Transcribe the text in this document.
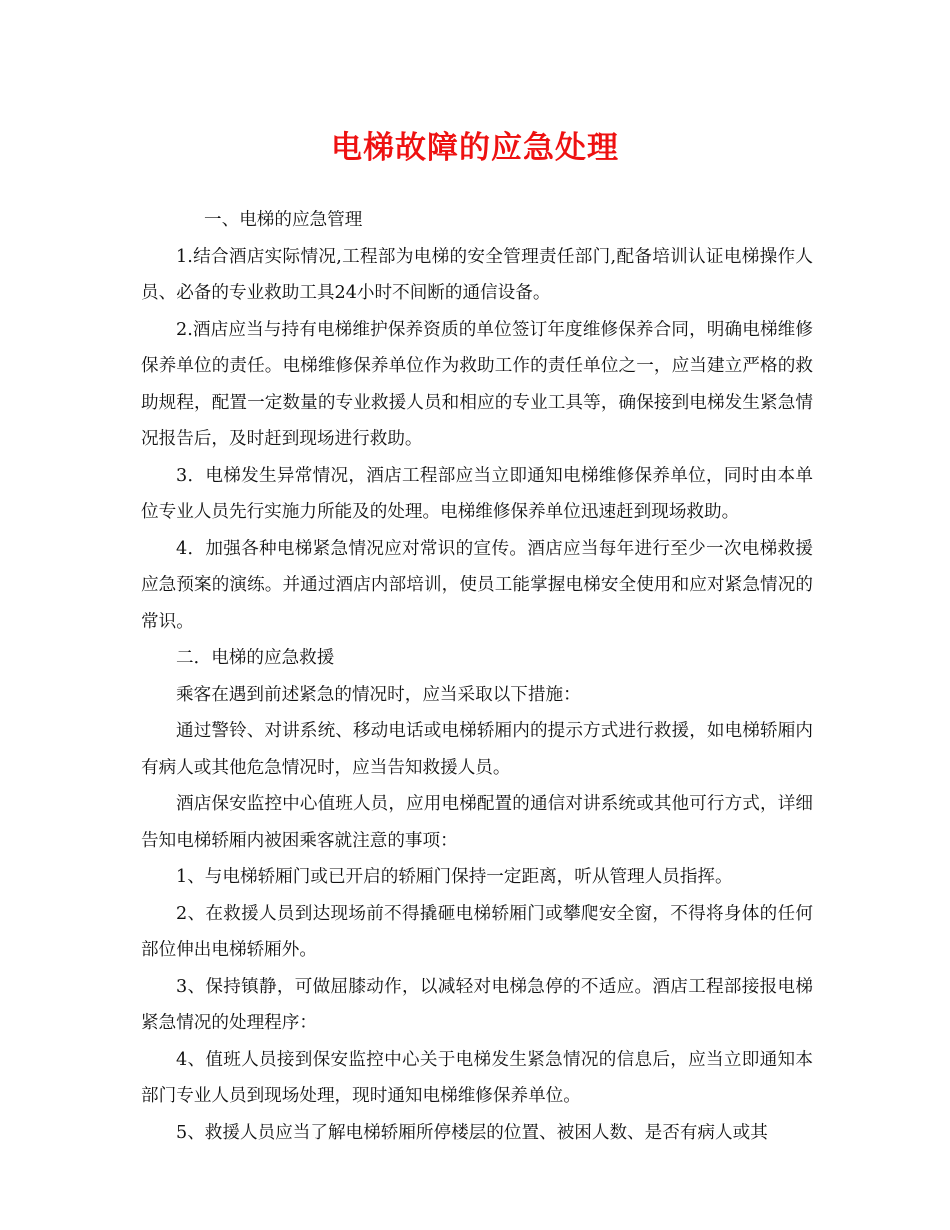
电梯故障的应急处理

一、电梯的应急管理

1.结合酒店实际情况,工程部为电梯的安全管理责任部门,配备培训认证电梯操作人员、必备的专业救助工具24小时不间断的通信设备。

2.酒店应当与持有电梯维护保养资质的单位签订年度维修保养合同，明确电梯维修保养单位的责任。电梯维修保养单位作为救助工作的责任单位之一，应当建立严格的救助规程，配置一定数量的专业救援人员和相应的专业工具等，确保接到电梯发生紧急情况报告后，及时赶到现场进行救助。

3．电梯发生异常情况，酒店工程部应当立即通知电梯维修保养单位，同时由本单位专业人员先行实施力所能及的处理。电梯维修保养单位迅速赶到现场救助。

4．加强各种电梯紧急情况应对常识的宣传。酒店应当每年进行至少一次电梯救援应急预案的演练。并通过酒店内部培训，使员工能掌握电梯安全使用和应对紧急情况的常识。

二．电梯的应急救援

乘客在遇到前述紧急的情况时，应当采取以下措施：

通过警铃、对讲系统、移动电话或电梯轿厢内的提示方式进行救援，如电梯轿厢内有病人或其他危急情况时，应当告知救援人员。

酒店保安监控中心值班人员，应用电梯配置的通信对讲系统或其他可行方式，详细告知电梯轿厢内被困乘客就注意的事项：

1、与电梯轿厢门或已开启的轿厢门保持一定距离，听从管理人员指挥。

2、在救援人员到达现场前不得撬砸电梯轿厢门或攀爬安全窗，不得将身体的任何部位伸出电梯轿厢外。

3、保持镇静，可做屈膝动作，以减轻对电梯急停的不适应。酒店工程部接报电梯紧急情况的处理程序：

4、值班人员接到保安监控中心关于电梯发生紧急情况的信息后，应当立即通知本部门专业人员到现场处理，现时通知电梯维修保养单位。

5、救援人员应当了解电梯轿厢所停楼层的位置、被困人数、是否有病人或其
